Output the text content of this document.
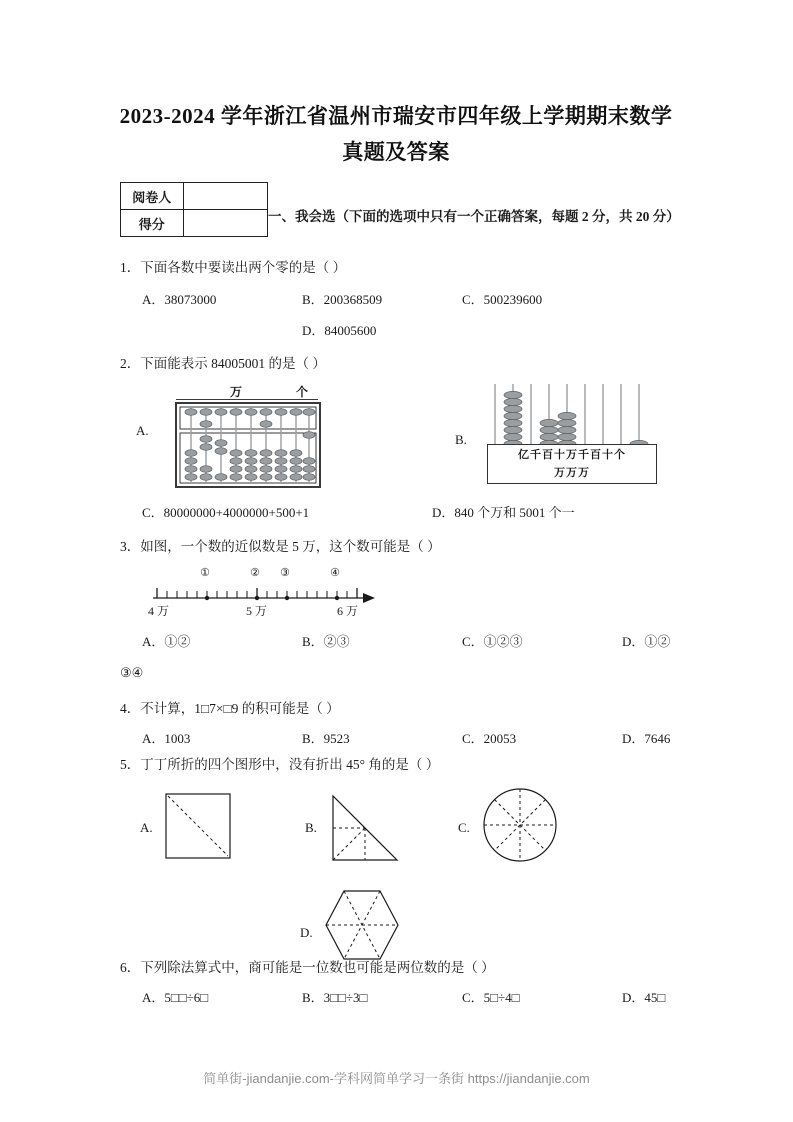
2023-2024 学年浙江省温州市瑞安市四年级上学期期末数学
真题及答案
阅卷人	
得分		一、我会选（下面的选项中只有一个正确答案，每题 2 分，共 20 分）
1．下面各数中要读出两个零的是（ ）
A．38073000	B．200368509	C．500239600
D．84005600
2．下面能表示 84005001 的是（ ）
A.
万	个
B.
亿千百十万千百十个
万万万
C．80000000+4000000+500+1	D．840 个万和 5001 个一
3．如图，一个数的近似数是 5 万，这个数可能是（ ）
①	② ③	④
4 万	5 万	6 万
A．①②	B．②③	C．①②③	D．①②
③④
4．不计算，1□7×□9 的积可能是（ ）
A．1003	B．9523	C．20053	D．7646
5．丁丁所折的四个图形中，没有折出 45° 角的是（ ）
A.	B.	C.
D.
6．下列除法算式中，商可能是一位数也可能是两位数的是（ ）
A．5□□÷6□	B．3□□÷3□	C．5□÷4□	D．45□
简单街-jiandanjie.com-学科网简单学习一条街 https://jiandanjie.com
